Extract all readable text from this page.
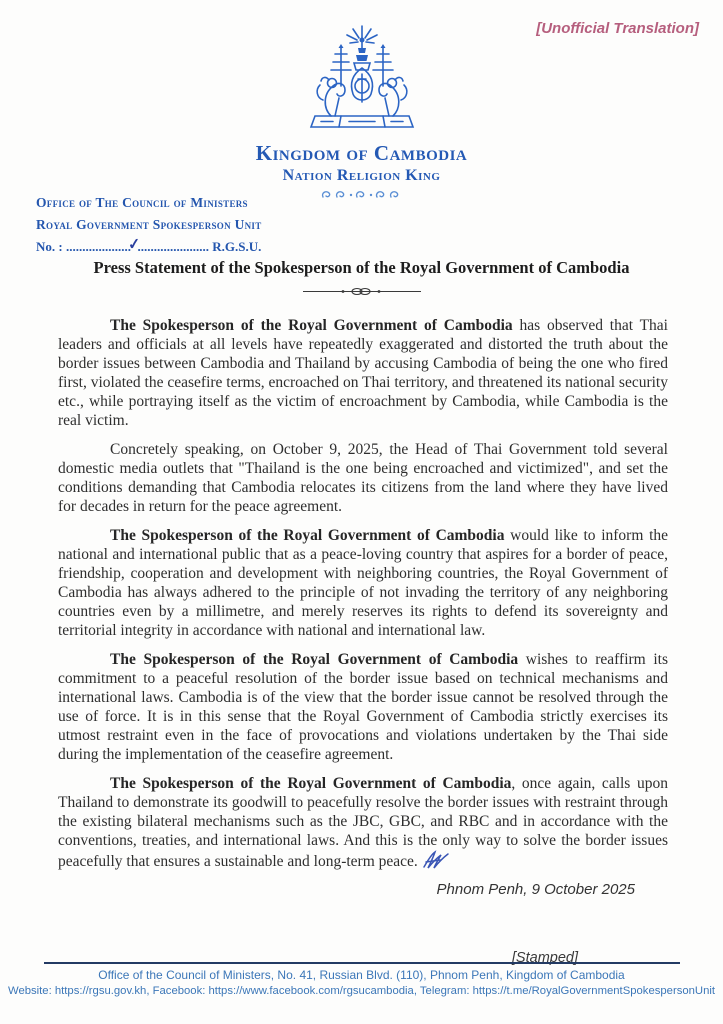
[Unofficial Translation]
Kingdom of Cambodia
Nation Religion King
Office of The Council of Ministers
Royal Government Spokesperson Unit
No. : ....................✓...................... R.G.S.U.
Press Statement of the Spokesperson of the Royal Government of Cambodia

The Spokesperson of the Royal Government of Cambodia has observed that Thai leaders and officials at all levels have repeatedly exaggerated and distorted the truth about the border issues between Cambodia and Thailand by accusing Cambodia of being the one who fired first, violated the ceasefire terms, encroached on Thai territory, and threatened its national security etc., while portraying itself as the victim of encroachment by Cambodia, while Cambodia is the real victim.

Concretely speaking, on October 9, 2025, the Head of Thai Government told several domestic media outlets that "Thailand is the one being encroached and victimized", and set the conditions demanding that Cambodia relocates its citizens from the land where they have lived for decades in return for the peace agreement.

The Spokesperson of the Royal Government of Cambodia would like to inform the national and international public that as a peace-loving country that aspires for a border of peace, friendship, cooperation and development with neighboring countries, the Royal Government of Cambodia has always adhered to the principle of not invading the territory of any neighboring countries even by a millimetre, and merely reserves its rights to defend its sovereignty and territorial integrity in accordance with national and international law.

The Spokesperson of the Royal Government of Cambodia wishes to reaffirm its commitment to a peaceful resolution of the border issue based on technical mechanisms and international laws. Cambodia is of the view that the border issue cannot be resolved through the use of force. It is in this sense that the Royal Government of Cambodia strictly exercises its utmost restraint even in the face of provocations and violations undertaken by the Thai side during the implementation of the ceasefire agreement.

The Spokesperson of the Royal Government of Cambodia, once again, calls upon Thailand to demonstrate its goodwill to peacefully resolve the border issues with restraint through the existing bilateral mechanisms such as the JBC, GBC, and RBC and in accordance with the conventions, treaties, and international laws. And this is the only way to solve the border issues peacefully that ensures a sustainable and long-term peace.

Phnom Penh, 9 October 2025
[Stamped]
Office of the Council of Ministers, No. 41, Russian Blvd. (110), Phnom Penh, Kingdom of Cambodia
Website: https://rgsu.gov.kh, Facebook: https://www.facebook.com/rgsucambodia, Telegram: https://t.me/RoyalGovernmentSpokespersonUnit
